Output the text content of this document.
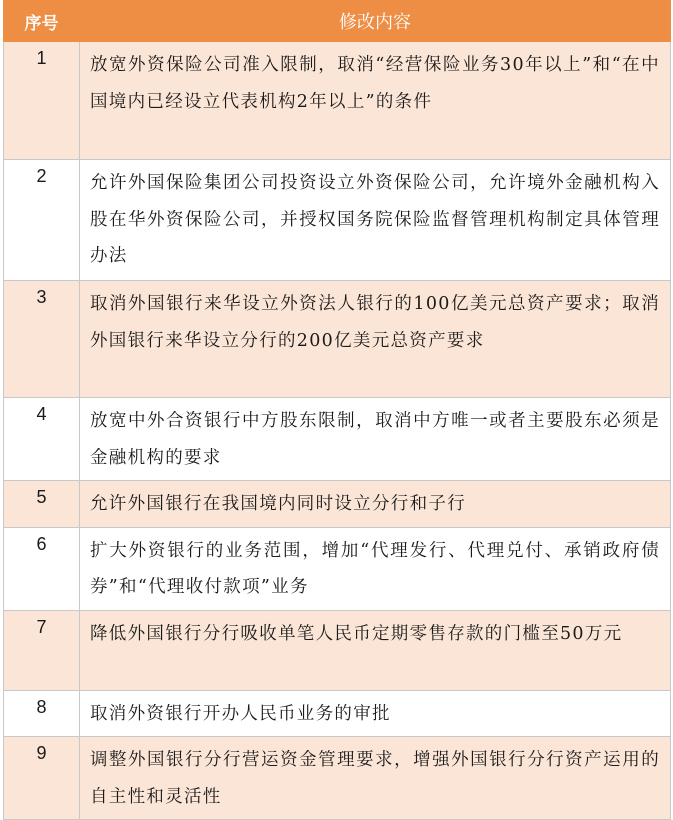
序号	修改内容
1	放宽外资保险公司准入限制，取消“经营保险业务30年以上”和“在中国境内已经设立代表机构2年以上”的条件
2	允许外国保险集团公司投资设立外资保险公司，允许境外金融机构入股在华外资保险公司，并授权国务院保险监督管理机构制定具体管理办法
3	取消外国银行来华设立外资法人银行的100亿美元总资产要求；取消外国银行来华设立分行的200亿美元总资产要求
4	放宽中外合资银行中方股东限制，取消中方唯一或者主要股东必须是金融机构的要求
5	允许外国银行在我国境内同时设立分行和子行
6	扩大外资银行的业务范围，增加“代理发行、代理兑付、承销政府债券”和“代理收付款项”业务
7	降低外国银行分行吸收单笔人民币定期零售存款的门槛至50万元
8	取消外资银行开办人民币业务的审批
9	调整外国银行分行营运资金管理要求，增强外国银行分行资产运用的自主性和灵活性
